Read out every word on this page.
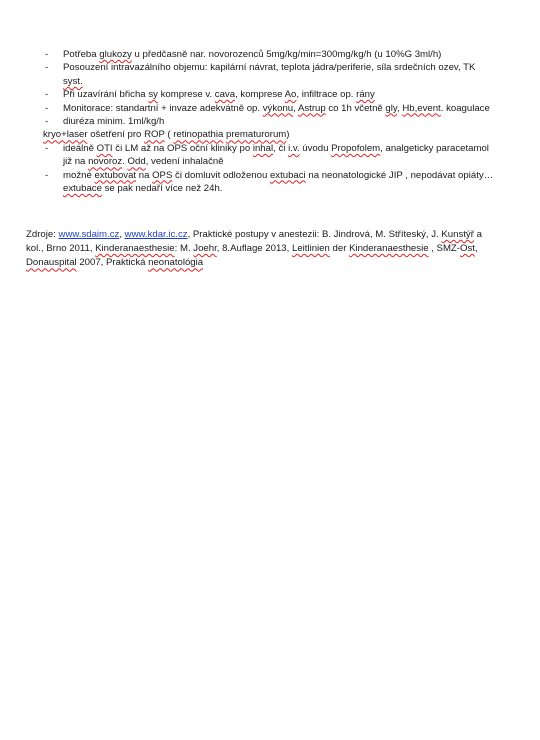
-	Potřeba glukozy u předčasně nar. novorozenců 5mg/kg/min=300mg/kg/h (u 10%G 3ml/h)
-	Posouzení intravazálního objemu: kapilární návrat, teplota jádra/periferie, síla srdečních ozev, TK syst.
-	Při uzavírání břicha sy komprese v. cava, komprese Ao, infiltrace op. rány
-	Monitorace: standartní + invaze adekvátně op. výkonu, Astrup co 1h včetně gly, Hb,event. koagulace
-	diuréza minim. 1ml/kg/h
kryo+laser ošetření pro ROP ( retinopathia prematurorum)
-	ideálně OTI či LM až na OPS oční kliniky po inhal, či i.v. úvodu Propofolem, analgeticky paracetamol již na novoroz. Odd, vedení inhalačně
-	možné extubovat na OPS či domluvit odloženou extubaci na neonatologické JIP , nepodávat opiáty…extubace se pak nedaří více než 24h.
Zdroje: www.sdaim.cz, www.kdar.ic.cz, Praktické postupy v anestezii: B. Jindrová, M. Stříteský, J. Kunstýř a kol., Brno 2011, Kinderanaesthesie: M. Joehr, 8.Auflage 2013, Leitlinien der Kinderanaesthesie , SMZ-Ost, Donauspital 2007, Praktická neonatológia
